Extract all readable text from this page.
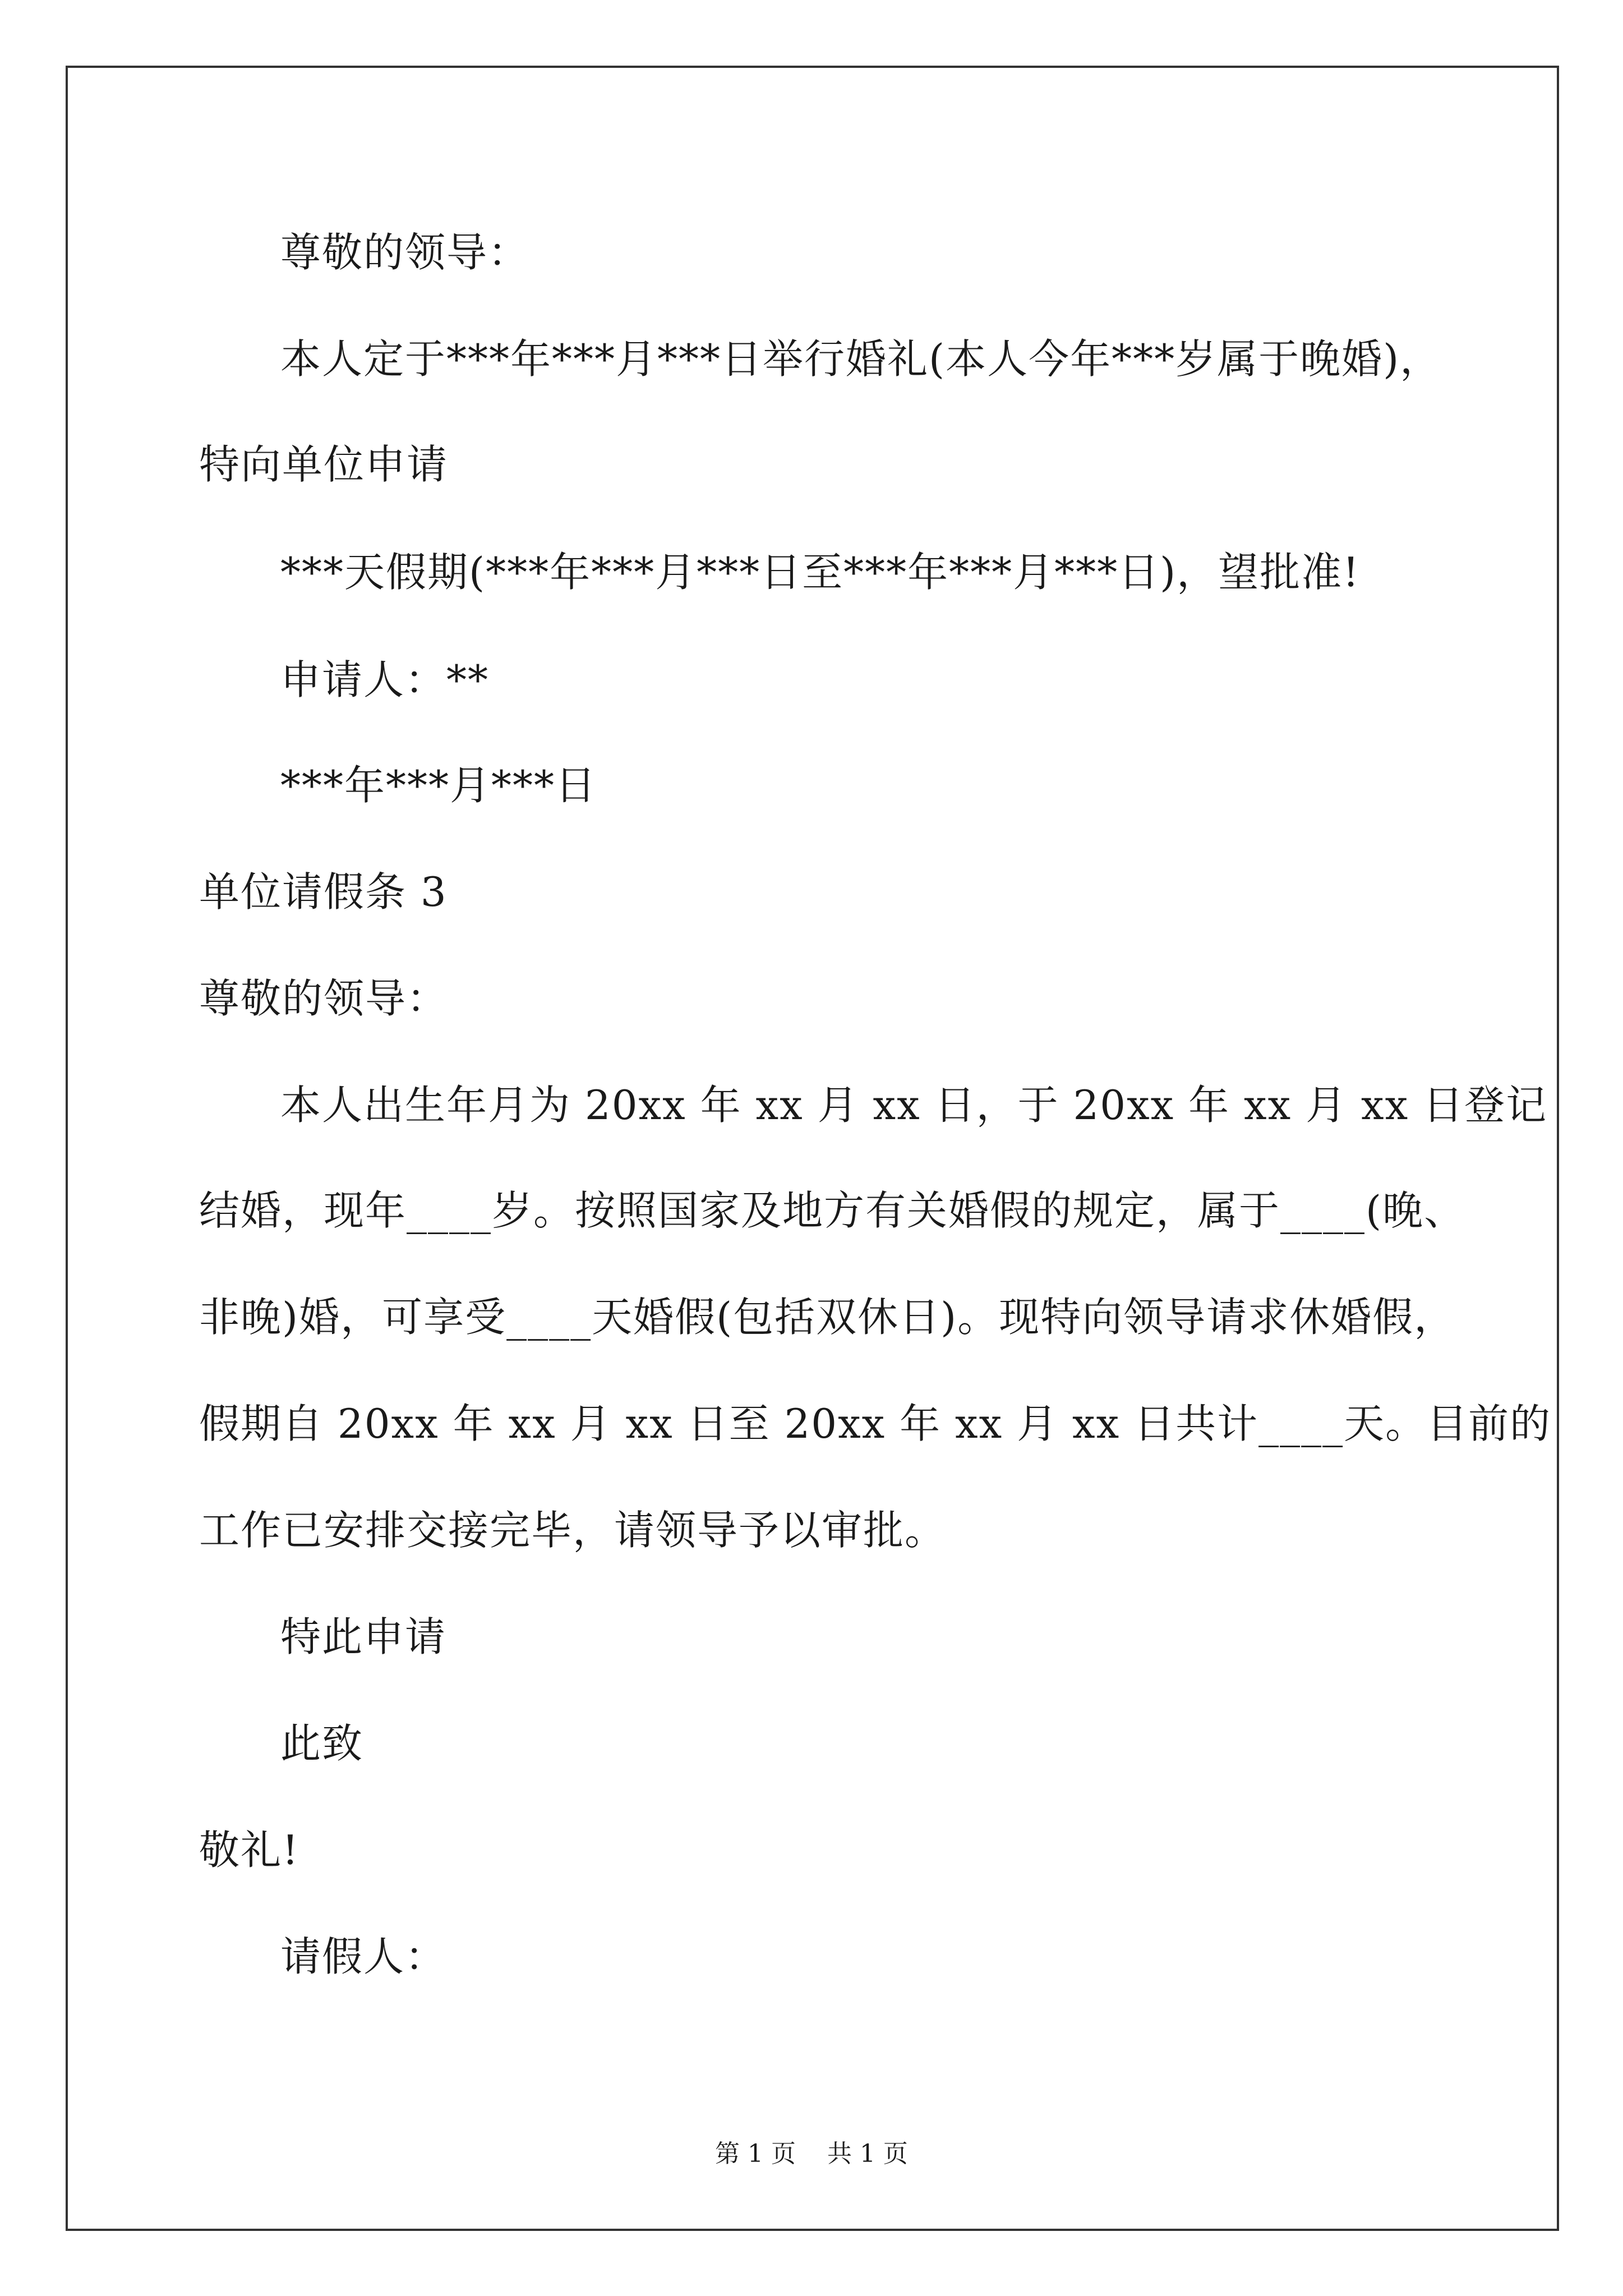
尊敬的领导：
本人定于***年***月***日举行婚礼(本人今年***岁属于晚婚)，
特向单位申请
***天假期(***年***月***日至***年***月***日)，望批准!
申请人：**
***年***月***日
单位请假条 3
尊敬的领导：
本人出生年月为 20xx 年 xx 月 xx 日，于 20xx 年 xx 月 xx 日登记
结婚，现年____岁。按照国家及地方有关婚假的规定，属于____(晚、
非晚)婚，可享受____天婚假(包括双休日)。现特向领导请求休婚假，
假期自 20xx 年 xx 月 xx 日至 20xx 年 xx 月 xx 日共计____天。目前的
工作已安排交接完毕，请领导予以审批。
特此申请
此致
敬礼!
请假人：
第 1 页    共 1 页
